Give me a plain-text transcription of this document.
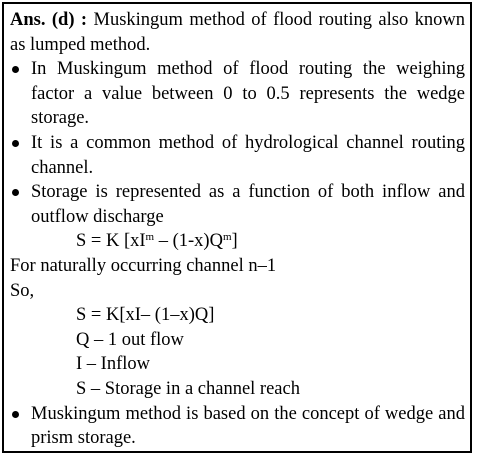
Ans. (d) : Muskingum method of flood routing also known as lumped method.
In Muskingum method of flood routing the weighing factor a value between 0 to 0.5 represents the wedge storage.
It is a common method of hydrological channel routing channel.
Storage is represented as a function of both inflow and outflow discharge
S = K $[xI^m - (1-x)Q^m]$
For naturally occurring channel n–1
So,
S = K[xI– (1–x)Q]
Q – 1 out flow
I – Inflow
S – Storage in a channel reach
Muskingum method is based on the concept of wedge and prism storage.
